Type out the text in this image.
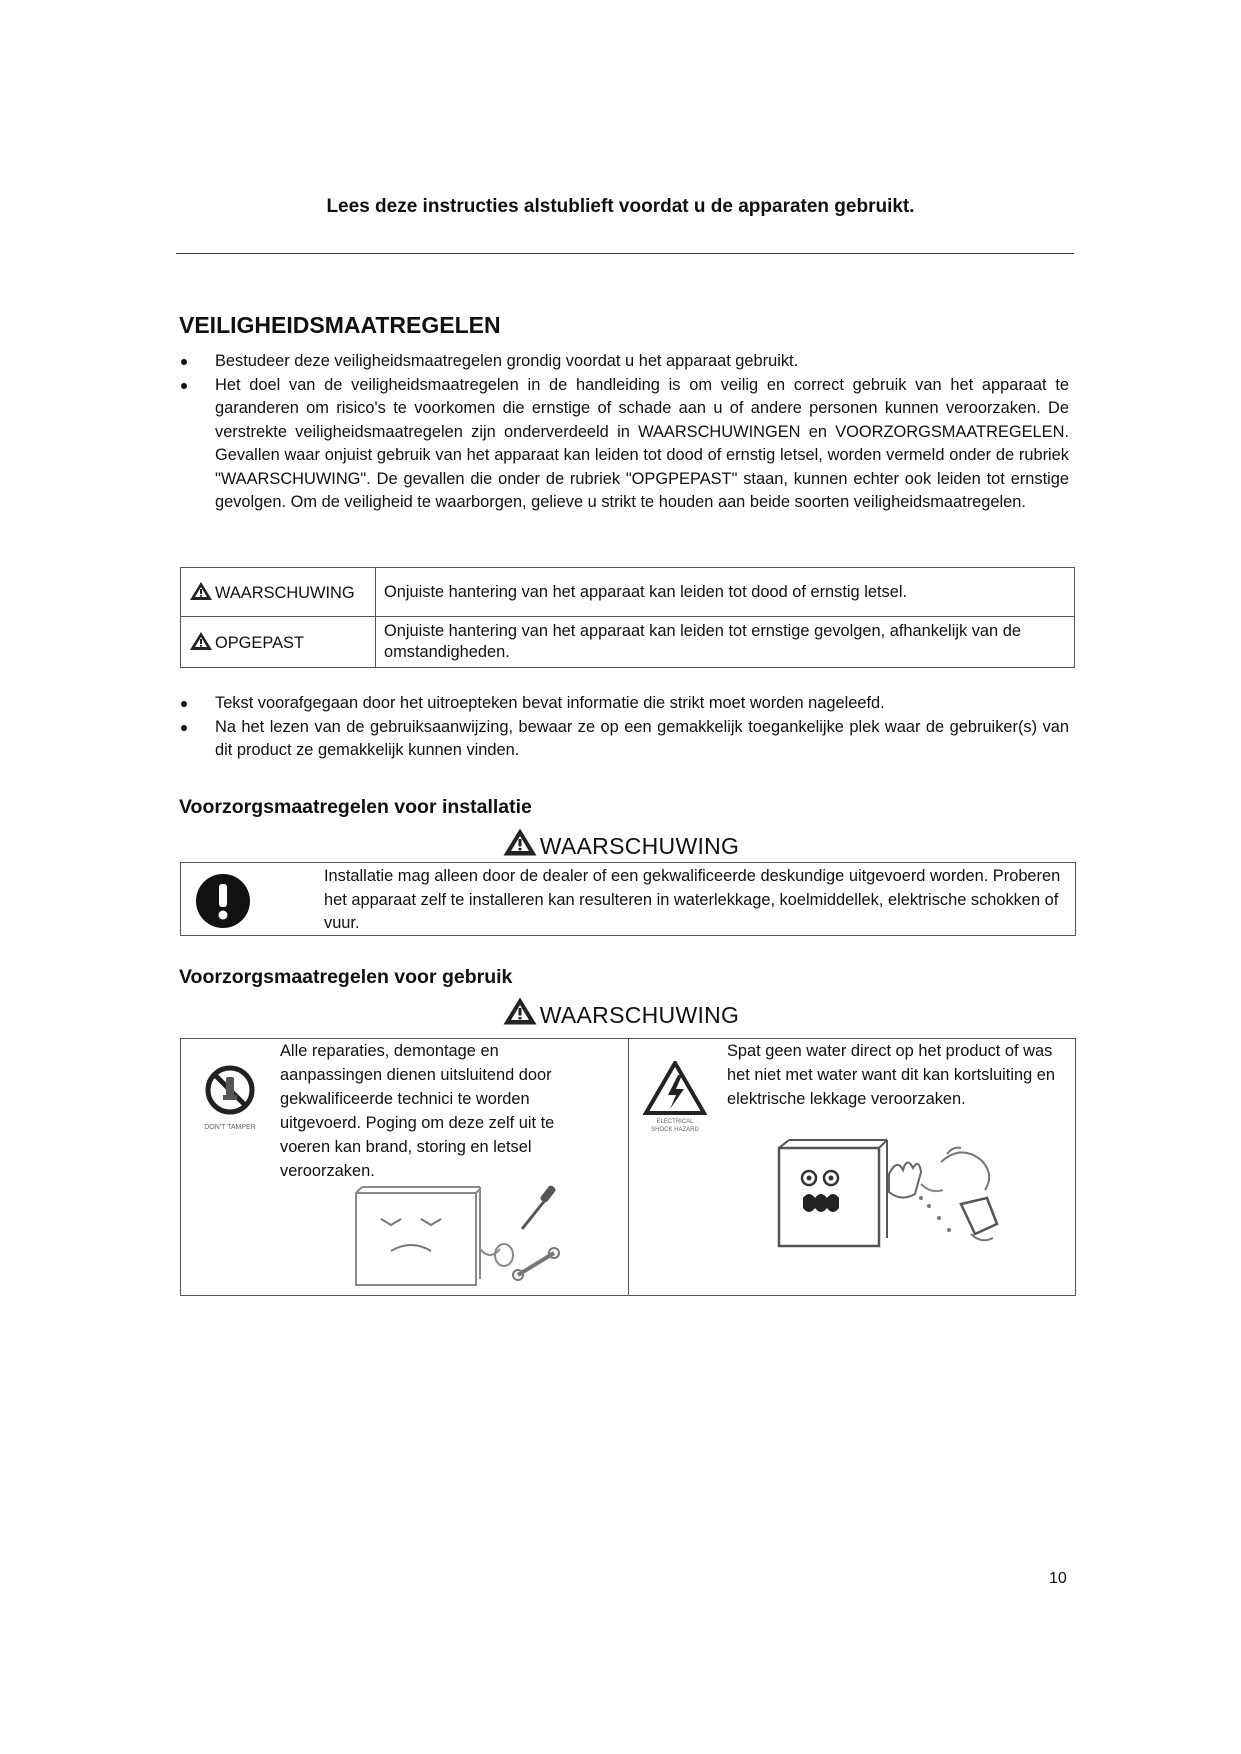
Lees deze instructies alstublieft voordat u de apparaten gebruikt.
VEILIGHEIDSMAATREGELEN
Bestudeer deze veiligheidsmaatregelen grondig voordat u het apparaat gebruikt.
Het doel van de veiligheidsmaatregelen in de handleiding is om veilig en correct gebruik van het apparaat te garanderen om risico's te voorkomen die ernstige of schade aan u of andere personen kunnen veroorzaken. De verstrekte veiligheidsmaatregelen zijn onderverdeeld in WAARSCHUWINGEN en VOORZORGSMAATREGELEN. Gevallen waar onjuist gebruik van het apparaat kan leiden tot dood of ernstig letsel, worden vermeld onder de rubriek "WAARSCHUWING". De gevallen die onder de rubriek "OPGPEPAST" staan, kunnen echter ook leiden tot ernstige gevolgen. Om de veiligheid te waarborgen, gelieve u strikt te houden aan beide soorten veiligheidsmaatregelen.
WAARSCHUWING	Onjuiste hantering van het apparaat kan leiden tot dood of ernstig letsel.
OPGEPAST	Onjuiste hantering van het apparaat kan leiden tot ernstige gevolgen, afhankelijk van de omstandigheden.
Tekst voorafgegaan door het uitroepteken bevat informatie die strikt moet worden nageleefd.
Na het lezen van de gebruiksaanwijzing, bewaar ze op een gemakkelijk toegankelijke plek waar de gebruiker(s) van dit product ze gemakkelijk kunnen vinden.
Voorzorgsmaatregelen voor installatie
WAARSCHUWING
Installatie mag alleen door de dealer of een gekwalificeerde deskundige uitgevoerd worden. Proberen het apparaat zelf te installeren kan resulteren in waterlekkage, koelmiddellek, elektrische schokken of vuur.
Voorzorgsmaatregelen voor gebruik
WAARSCHUWING
DON'T TAMPER
Alle reparaties, demontage en aanpassingen dienen uitsluitend door gekwalificeerde technici te worden uitgevoerd. Poging om deze zelf uit te voeren kan brand, storing en letsel veroorzaken.
ELECTRICAL
SHOCK HAZARD
Spat geen water direct op het product of was het niet met water want dit kan kortsluiting en elektrische lekkage veroorzaken.
10
